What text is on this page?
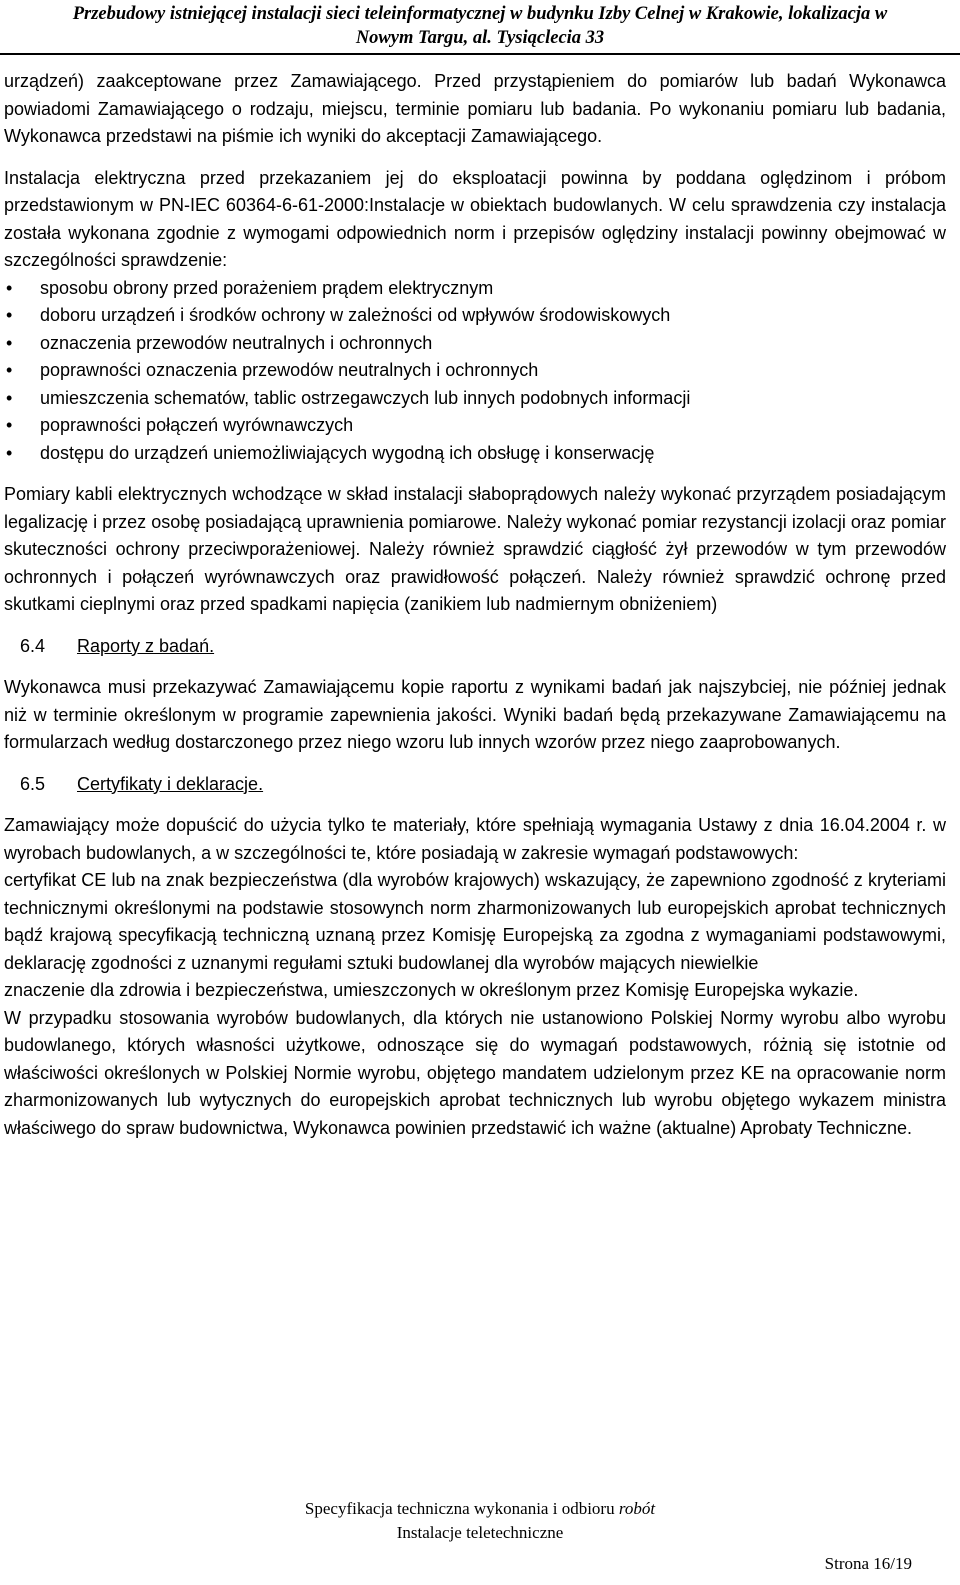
Przebudowy istniejącej instalacji sieci teleinformatycznej w budynku Izby Celnej w Krakowie, lokalizacja w
Nowym Targu, al. Tysiąclecia 33

urządzeń) zaakceptowane przez Zamawiającego. Przed przystąpieniem do pomiarów lub badań Wykonawca powiadomi Zamawiającego o rodzaju, miejscu, terminie pomiaru lub badania. Po wykonaniu pomiaru lub badania, Wykonawca przedstawi na piśmie ich wyniki do akceptacji Zamawiającego.

Instalacja elektryczna przed przekazaniem jej do eksploatacji powinna by poddana oględzinom i próbom przedstawionym w PN-IEC 60364-6-61-2000:Instalacje w obiektach budowlanych. W celu sprawdzenia czy instalacja została wykonana zgodnie z wymogami odpowiednich norm i przepisów oględziny instalacji powinny obejmować w szczególności sprawdzenie:

• sposobu obrony przed porażeniem prądem elektrycznym
• doboru urządzeń i środków ochrony w zależności od wpływów środowiskowych
• oznaczenia przewodów neutralnych i ochronnych
• poprawności oznaczenia przewodów neutralnych i ochronnych
• umieszczenia schematów, tablic ostrzegawczych lub innych podobnych informacji
• poprawności połączeń wyrównawczych
• dostępu do urządzeń uniemożliwiających wygodną ich obsługę i konserwację

Pomiary kabli elektrycznych wchodzące w skład instalacji słaboprądowych należy wykonać przyrządem posiadającym legalizację i przez osobę posiadającą uprawnienia pomiarowe. Należy wykonać pomiar rezystancji izolacji oraz pomiar skuteczności ochrony przeciwporażeniowej. Należy również sprawdzić ciągłość żył przewodów w tym przewodów ochronnych i połączeń wyrównawczych oraz prawidłowość połączeń. Należy również sprawdzić ochronę przed skutkami cieplnymi oraz przed spadkami napięcia (zanikiem lub nadmiernym obniżeniem)

6.4	Raporty z badań.

Wykonawca musi przekazywać Zamawiającemu kopie raportu z wynikami badań jak najszybciej, nie później jednak niż w terminie określonym w programie zapewnienia jakości. Wyniki badań będą przekazywane Zamawiającemu na formularzach według dostarczonego przez niego wzoru lub innych wzorów przez niego zaaprobowanych.

6.5	Certyfikaty i deklaracje.

Zamawiający może dopuścić do użycia tylko te materiały, które spełniają wymagania Ustawy z dnia 16.04.2004 r. w wyrobach budowlanych, a w szczególności te, które posiadają w zakresie wymagań podstawowych:

certyfikat CE lub na znak bezpieczeństwa (dla wyrobów krajowych) wskazujący, że zapewniono zgodność z kryteriami technicznymi określonymi na podstawie stosowynch norm zharmonizowanych lub europejskich aprobat technicznych bądź krajową specyfikacją techniczną uznaną przez Komisję Europejską za zgodna z wymaganiami podstawowymi, deklarację zgodności z uznanymi regułami sztuki budowlanej dla wyrobów mających niewielkie

znaczenie dla zdrowia i bezpieczeństwa, umieszczonych w określonym przez Komisję Europejska wykazie.

W przypadku stosowania wyrobów budowlanych, dla których nie ustanowiono Polskiej Normy wyrobu albo wyrobu budowlanego, których własności użytkowe, odnoszące się do wymagań podstawowych, różnią się istotnie od właściwości określonych w Polskiej Normie wyrobu, objętego mandatem udzielonym przez KE na opracowanie norm zharmonizowanych lub wytycznych do europejskich aprobat technicznych lub wyrobu objętego wykazem ministra właściwego do spraw budownictwa, Wykonawca powinien przedstawić ich ważne (aktualne) Aprobaty Techniczne.

Specyfikacja techniczna wykonania i odbioru robót
Instalacje teletechniczne
Strona 16/19
